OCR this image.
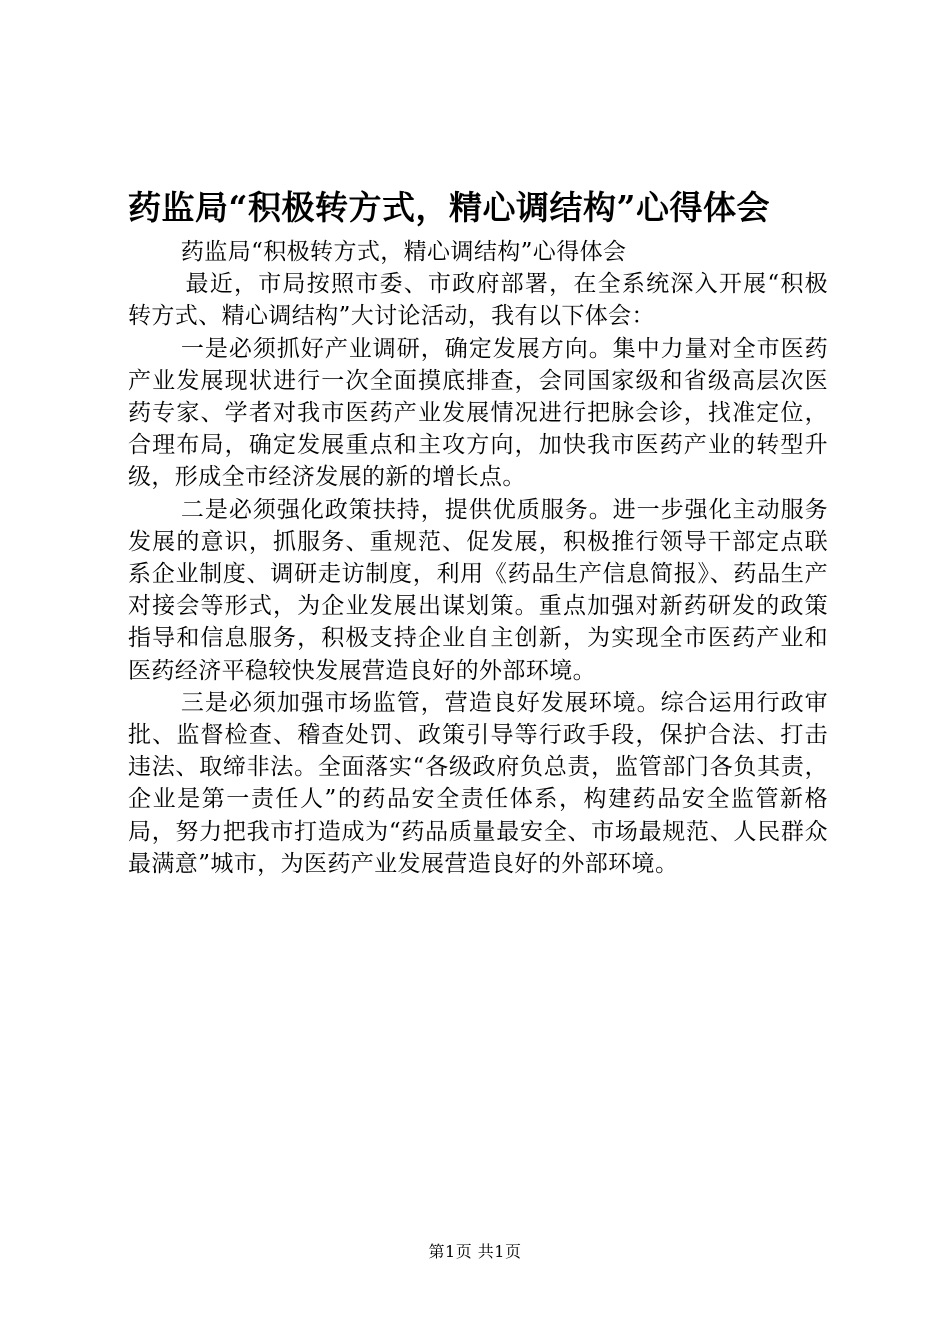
药监局“积极转方式，精心调结构”心得体会

药监局“积极转方式，精心调结构”心得体会

最近，市局按照市委、市政府部署，在全系统深入开展“积极转方式、精心调结构”大讨论活动，我有以下体会：

一是必须抓好产业调研，确定发展方向。集中力量对全市医药产业发展现状进行一次全面摸底排查，会同国家级和省级高层次医药专家、学者对我市医药产业发展情况进行把脉会诊，找准定位，合理布局，确定发展重点和主攻方向，加快我市医药产业的转型升级，形成全市经济发展的新的增长点。

二是必须强化政策扶持，提供优质服务。进一步强化主动服务发展的意识，抓服务、重规范、促发展，积极推行领导干部定点联系企业制度、调研走访制度，利用《药品生产信息简报》、药品生产对接会等形式，为企业发展出谋划策。重点加强对新药研发的政策指导和信息服务，积极支持企业自主创新，为实现全市医药产业和医药经济平稳较快发展营造良好的外部环境。

三是必须加强市场监管，营造良好发展环境。综合运用行政审批、监督检查、稽查处罚、政策引导等行政手段，保护合法、打击违法、取缔非法。全面落实“各级政府负总责，监管部门各负其责，企业是第一责任人”的药品安全责任体系，构建药品安全监管新格局，努力把我市打造成为“药品质量最安全、市场最规范、人民群众最满意”城市，为医药产业发展营造良好的外部环境。

第1页 共1页
